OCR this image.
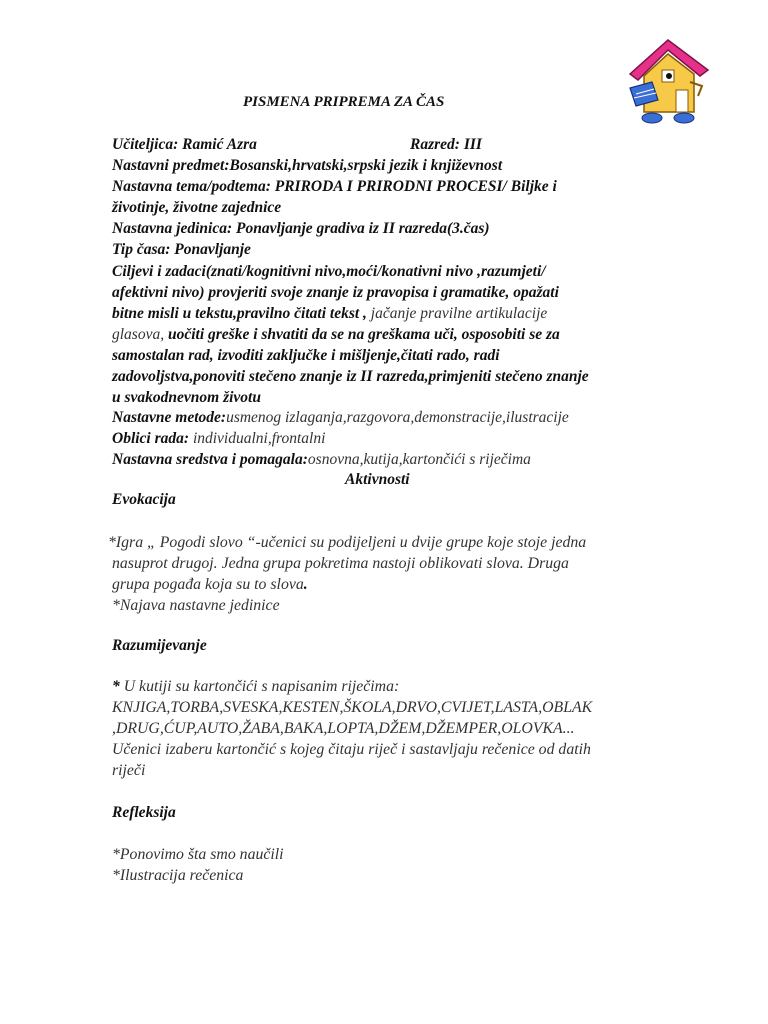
PISMENA PRIPREMA ZA ČAS
Učiteljica: Ramić Azra	Razred: III
Nastavni predmet:Bosanski,hrvatski,srpski jezik i književnost
Nastavna tema/podtema: PRIRODA I PRIRODNI PROCESI/ Biljke i
životinje, životne zajednice
Nastavna jedinica: Ponavljanje gradiva iz II razreda(3.čas)
Tip časa: Ponavljanje
Ciljevi i zadaci(znati/kognitivni nivo,moći/konativni nivo ,razumjeti/
afektivni nivo) provjeriti svoje znanje iz pravopisa i gramatike, opažati
bitne misli u tekstu,pravilno čitati tekst , jačanje pravilne artikulacije
glasova, uočiti greške i shvatiti da se na greškama uči, osposobiti se za
samostalan rad, izvoditi zaključke i mišljenje,čitati rado, radi
zadovoljstva,ponoviti stečeno znanje iz II razreda,primjeniti stečeno znanje
u svakodnevnom životu
Nastavne metode:usmenog izlaganja,razgovora,demonstracije,ilustracije
Oblici rada: individualni,frontalni
Nastavna sredstva i pomagala:osnovna,kutija,kartončići s riječima
Aktivnosti
Evokacija
*Igra „ Pogodi slovo “-učenici su podijeljeni u dvije grupe koje stoje jedna
nasuprot drugoj. Jedna grupa pokretima nastoji oblikovati slova. Druga
grupa pogađa koja su to slova.
*Najava nastavne jedinice
Razumijevanje
* U kutiji su kartončići s napisanim riječima:
KNJIGA,TORBA,SVESKA,KESTEN,ŠKOLA,DRVO,CVIJET,LASTA,OBLAK
,DRUG,ĆUP,AUTO,ŽABA,BAKA,LOPTA,DŽEM,DŽEMPER,OLOVKA...
Učenici izaberu kartončić s kojeg čitaju riječ i sastavljaju rečenice od datih
riječi
Refleksija
*Ponovimo šta smo naučili
*Ilustracija rečenica
